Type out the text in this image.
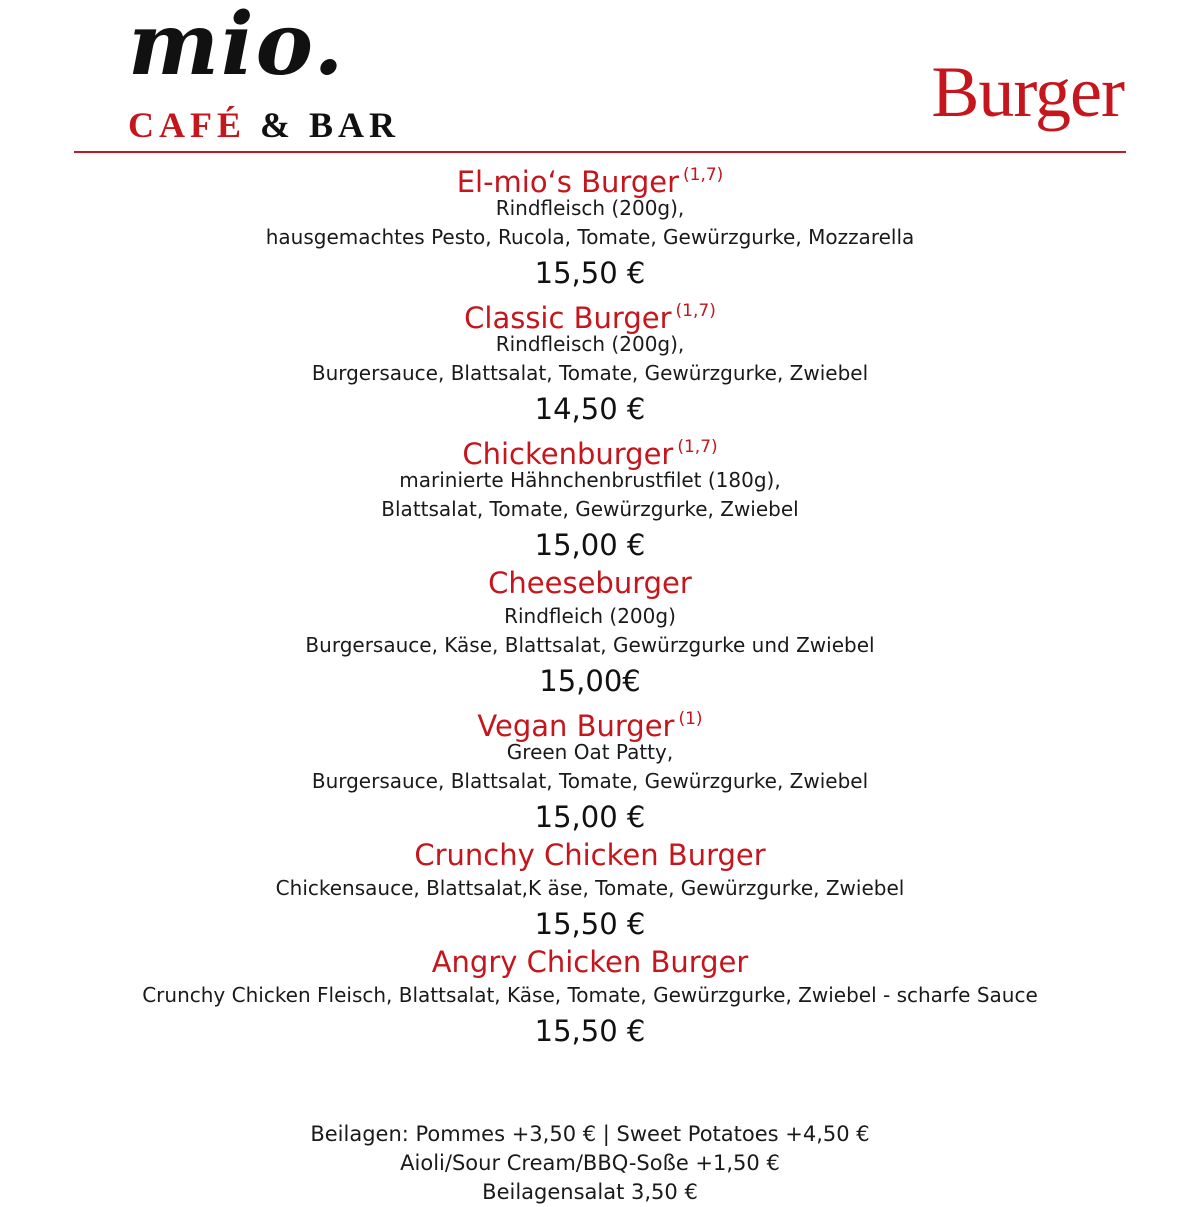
mio.
CAFÉ & BAR	Burger
El-mio‘s Burger $^{(1,7)}$
Rindfleisch (200g),
hausgemachtes Pesto, Rucola, Tomate, Gewürzgurke, Mozzarella
15,50 €
Classic Burger $^{(1,7)}$
Rindfleisch (200g),
Burgersauce, Blattsalat, Tomate, Gewürzgurke, Zwiebel
14,50 €
Chickenburger $^{(1,7)}$
marinierte Hähnchenbrustfilet (180g),
Blattsalat, Tomate, Gewürzgurke, Zwiebel
15,00 €
Cheeseburger
Rindfleich (200g)
Burgersauce, Käse, Blattsalat, Gewürzgurke und Zwiebel
15,00€
Vegan Burger $^{(1)}$
Green Oat Patty,
Burgersauce, Blattsalat, Tomate, Gewürzgurke, Zwiebel
15,00 €
Crunchy Chicken Burger
Chickensauce, Blattsalat,K äse, Tomate, Gewürzgurke, Zwiebel
15,50 €
Angry Chicken Burger
Crunchy Chicken Fleisch, Blattsalat, Käse, Tomate, Gewürzgurke, Zwiebel - scharfe Sauce
15,50 €
Beilagen: Pommes +3,50 € | Sweet Potatoes +4,50 €
Aioli/Sour Cream/BBQ-Soße +1,50 €
Beilagensalat 3,50 €
